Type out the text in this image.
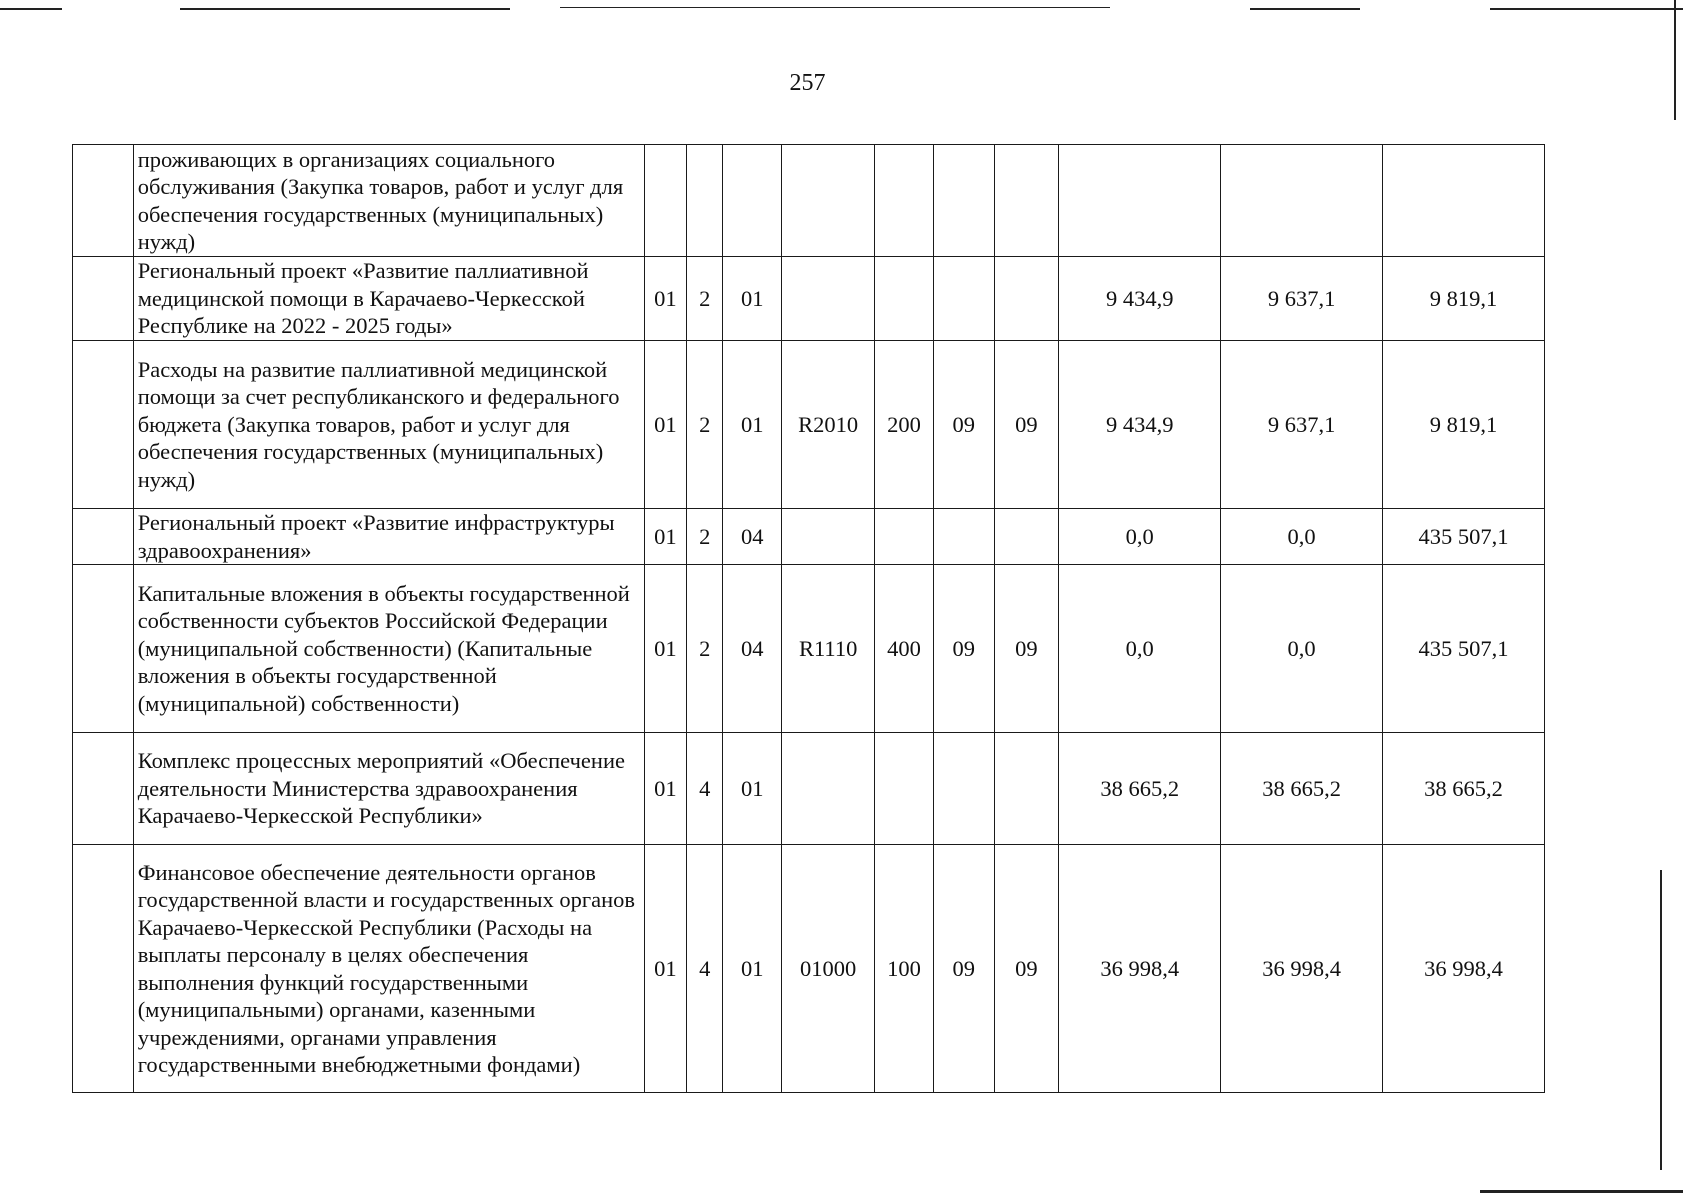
257
	проживающих в организациях социального обслуживания (Закупка товаров, работ и услуг для обеспечения государственных (муниципальных) нужд)										
	Региональный проект «Развитие паллиативной медицинской помощи в Карачаево-Черкесской Республике на 2022 - 2025 годы»	01	2	01					9 434,9	9 637,1	9 819,1
	Расходы на развитие паллиативной медицинской помощи за счет республиканского и федерального бюджета (Закупка товаров, работ и услуг для обеспечения государственных (муниципальных) нужд)	01	2	01	R2010	200	09	09	9 434,9	9 637,1	9 819,1
	Региональный проект «Развитие инфраструктуры здравоохранения»	01	2	04					0,0	0,0	435 507,1
	Капитальные вложения в объекты государственной собственности субъектов Российской Федерации (муниципальной собственности) (Капитальные вложения в объекты государственной (муниципальной) собственности)	01	2	04	R1110	400	09	09	0,0	0,0	435 507,1
	Комплекс процессных мероприятий «Обеспечение деятельности Министерства здравоохранения Карачаево-Черкесской Республики»	01	4	01					38 665,2	38 665,2	38 665,2
	Финансовое обеспечение деятельности органов государственной власти и государственных органов Карачаево-Черкесской Республики (Расходы на выплаты персоналу в целях обеспечения выполнения функций государственными (муниципальными) органами, казенными учреждениями, органами управления государственными внебюджетными фондами)	01	4	01	01000	100	09	09	36 998,4	36 998,4	36 998,4
